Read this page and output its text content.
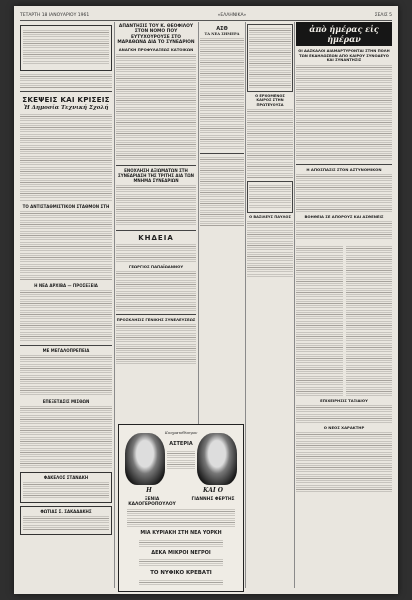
ΤΕΤΑΡΤΗ 18 ΙΑΝΟΥΑΡΙΟΥ 1961	«ΕΛΛΗΝΙΚΑ»	ΣΕΛΙΣ 5

ΣΚΕΨΕΙΣ ΚΑΙ ΚΡΙΣΕΙΣ

Ἡ Δημοσία Τεχνική Σχολή

ΤΟ ΑΝΤΙΣΤΑΘΜΙΣΤΙΚΟΝ ΣΤΑΘΜΟΝ ΣΤΗ

Η ΝΕΑ ΑΡΧΙΒΑ — ΠΡΟΣΕΞΕΙΑ

ΜΕ ΜΕΓΑΛΟΠΡΕΠΕΙΑ

ΕΠΕΞΕΤΑΣΙΣ ΜΙΣΘΩΝ

ΦΑΚΕΛΟΣ ΣΤΑΝΑΚΗ

ΦΩΤΙΑΣ Σ. ΣΑΚΑΔΑΚΗΣ

ΑΠΑΝΤΗΣΙΣ ΤΟΥ Κ. ΘΕΟΦΙΛΟΥ ΣΤΟΝ ΝΟΜΟ ΠΟΥ ΕΥΤΥΧΟΥΡΟΥΣΕ ΣΤΟ ΜΑΡΑΘΩΝΑ ΔΙΑ ΤΟ ΣΥΝΕΔΡΙΟΝ

ΑΝΑΓΚΗ ΠΡΟΦΥΛΑΞΕΩΣ ΚΑΤΟΙΚΩΝ

ΕΝΟΧΛΗΣΗ ΑΞΙΩΜΑΤΩΝ ΣΤΗ ΣΥΝΕΔΡΙΑΣΗ ΤΗΣ ΤΡΙΤΗΣ ΔΙΑ ΤΩΝ ΜΝΗΜΑ ΣΥΝΕΔΡΙΩΝ

ΚΗΔΕΙΑ

ΓΕΩΡΓΙΟΣ ΠΑΠΑΪΩΑΝΝΟΥ

ΠΡΟΣΚΛΗΣΙΣ ΓΕΝΙΚΗΣ ΣΥΝΕΛΕΥΣΕΩΣ

ΑΣΘ

ΤΑ ΝΕΑ ΣΗΜΕΡΑ

Ο ΕΡΧΟΜΕΝΟΣ ΚΑΙΡΟΣ ΣΤΗΝ ΠΡΩΤΕΥΟΥΣΑ

Ο ΒΑΣΙΛΕΥΣ ΠΑΥΛΟΣ

ἀπὸ ἡμέρας εἰς ἡμέραν

ΟΙ ΔΑΣΚΑΛΟΙ ΔΙΑΜΑΡΤΥΡΟΝΤΑΙ ΣΤΗΝ ΠΟΛΗ ΤΩΝ ΕΚΔΗΛΩΣΕΩΝ ΑΠΟ ΚΑΙΡΟΥ ΣΥΝΟΔΕΥΟ ΚΑΙ ΣΥΝΑΝΤΗΣΙΣ

Η ΑΠΟΣΠΑΣΙΣ ΣΤΟΝ ΑΣΤΥΝΟΜΙΚΟΝ

ΒΟΗΘΕΙΑ ΣΕ ΑΠΟΡΟΥΣ ΚΑΙ ΑΣΘΕΝΕΙΣ

ΕΠΙΧΕΙΡΗΣΙΣ ΤΑΞΙΔΙΟΥ

Ο ΝΕΟΣ ΧΑΡΑΚΤΗΡ

Κινηματοθέατρον

ΑΣΤΕΡΙΑ

Η

ΞΕΝΙΑ ΚΑΛΟΓΕΡΟΠΟΥΛΟΥ

ΚΑΙ Ο

ΓΙΑΝΝΗΣ ΦΕΡΤΗΣ

ΜΙΑ ΚΥΡΙΑΚΗ ΣΤΗ ΝΕΑ ΥΟΡΚΗ

ΔΕΚΑ ΜΙΚΡΟΙ ΝΕΓΡΟΙ

ΤΟ ΝΥΦΙΚΟ ΚΡΕΒΑΤΙ
